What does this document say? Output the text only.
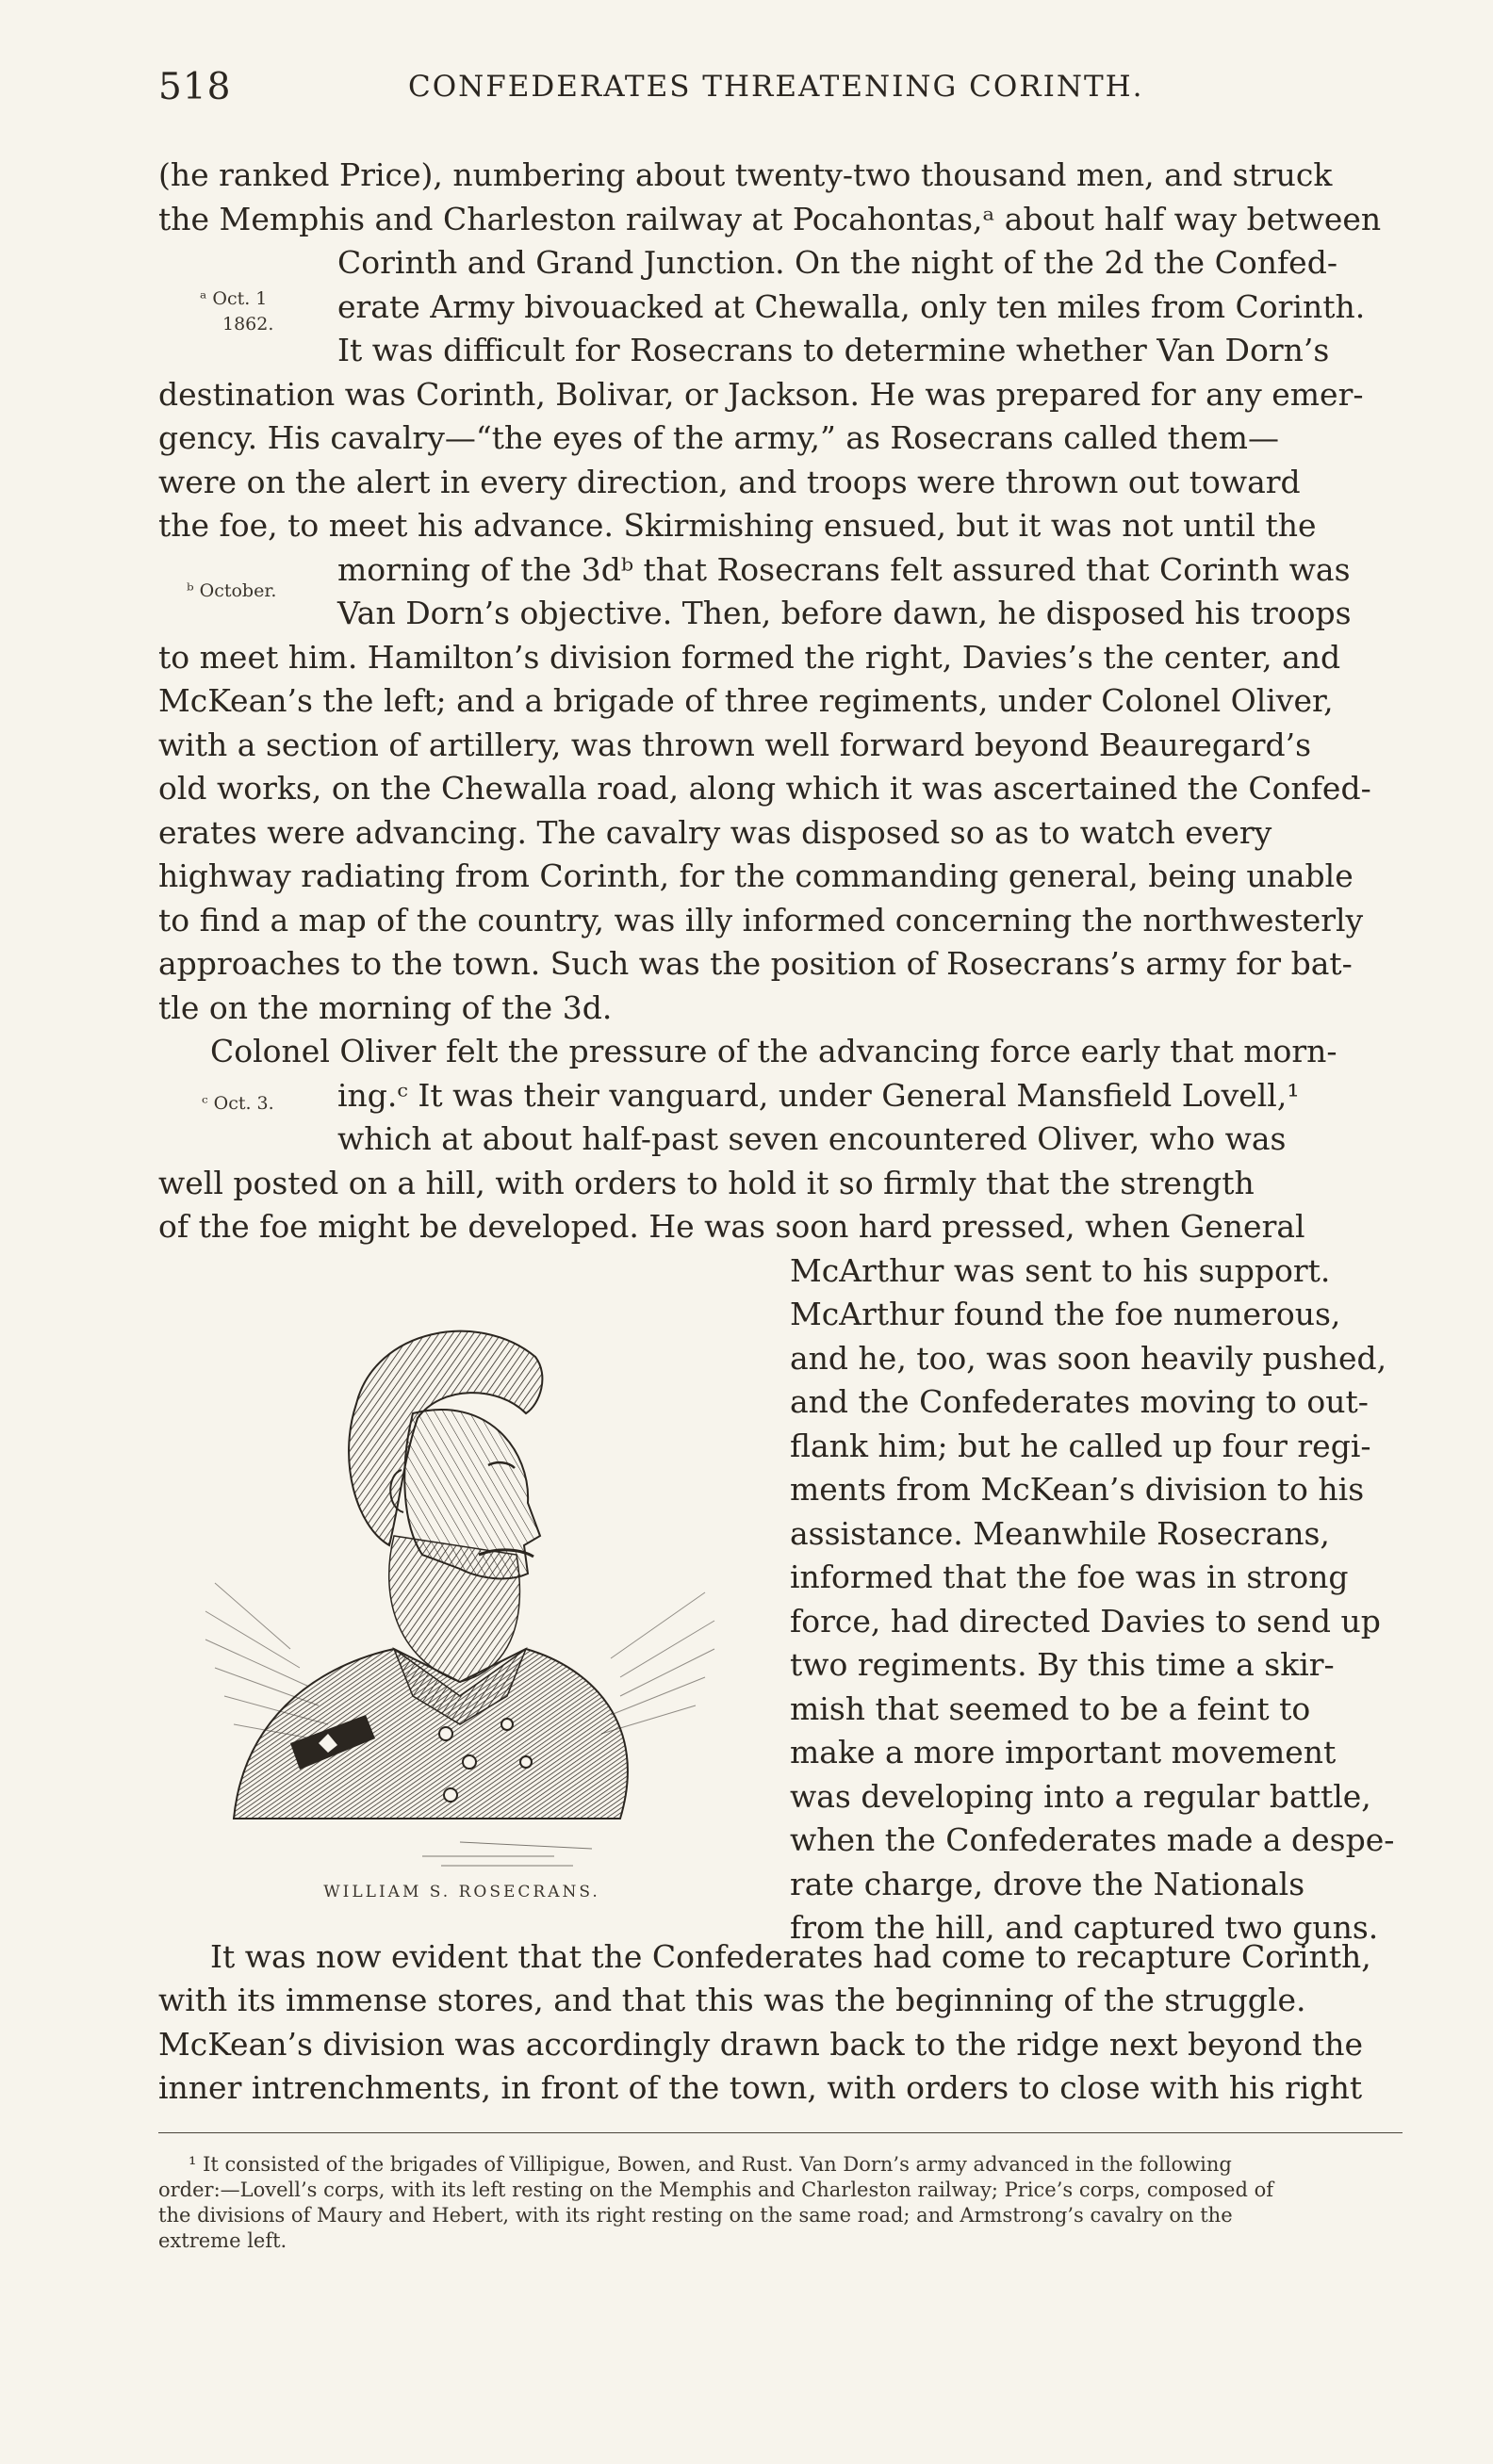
518	CONFEDERATES THREATENING CORINTH.
(he ranked Price), numbering about twenty-two thousand men, and struck
the Memphis and Charleston railway at Pocahontas,ᵃ about half way between
Corinth and Grand Junction. On the night of the 2d the Confed-
erate Army bivouacked at Chewalla, only ten miles from Corinth.
It was difficult for Rosecrans to determine whether Van Dorn’s
destination was Corinth, Bolivar, or Jackson. He was prepared for any emer-
gency. His cavalry—“the eyes of the army,” as Rosecrans called them—
were on the alert in every direction, and troops were thrown out toward
the foe, to meet his advance. Skirmishing ensued, but it was not until the
morning of the 3dᵇ that Rosecrans felt assured that Corinth was
Van Dorn’s objective. Then, before dawn, he disposed his troops
to meet him. Hamilton’s division formed the right, Davies’s the center, and
McKean’s the left; and a brigade of three regiments, under Colonel Oliver,
with a section of artillery, was thrown well forward beyond Beauregard’s
old works, on the Chewalla road, along which it was ascertained the Confed-
erates were advancing. The cavalry was disposed so as to watch every
highway radiating from Corinth, for the commanding general, being unable
to find a map of the country, was illy informed concerning the northwesterly
approaches to the town. Such was the position of Rosecrans’s army for bat-
tle on the morning of the 3d.
Colonel Oliver felt the pressure of the advancing force early that morn-
ing.ᶜ It was their vanguard, under General Mansfield Lovell,¹
which at about half-past seven encountered Oliver, who was
well posted on a hill, with orders to hold it so firmly that the strength
of the foe might be developed. He was soon hard pressed, when General
McArthur was sent to his support.
McArthur found the foe numerous,
and he, too, was soon heavily pushed,
and the Confederates moving to out-
flank him; but he called up four regi-
ments from McKean’s division to his
assistance. Meanwhile Rosecrans,
informed that the foe was in strong
force, had directed Davies to send up
two regiments. By this time a skir-
mish that seemed to be a feint to
make a more important movement
was developing into a regular battle,
when the Confederates made a despe-
rate charge, drove the Nationals
from the hill, and captured two guns.
It was now evident that the Confederates had come to recapture Corinth,
with its immense stores, and that this was the beginning of the struggle.
McKean’s division was accordingly drawn back to the ridge next beyond the
inner intrenchments, in front of the town, with orders to close with his right
ᵃ Oct. 1
1862.
ᵇ October.
ᶜ Oct. 3.
WILLIAM S. ROSECRANS.
¹ It consisted of the brigades of Villipigue, Bowen, and Rust. Van Dorn’s army advanced in the following
order:—Lovell’s corps, with its left resting on the Memphis and Charleston railway; Price’s corps, composed of
the divisions of Maury and Hebert, with its right resting on the same road; and Armstrong’s cavalry on the
extreme left.
